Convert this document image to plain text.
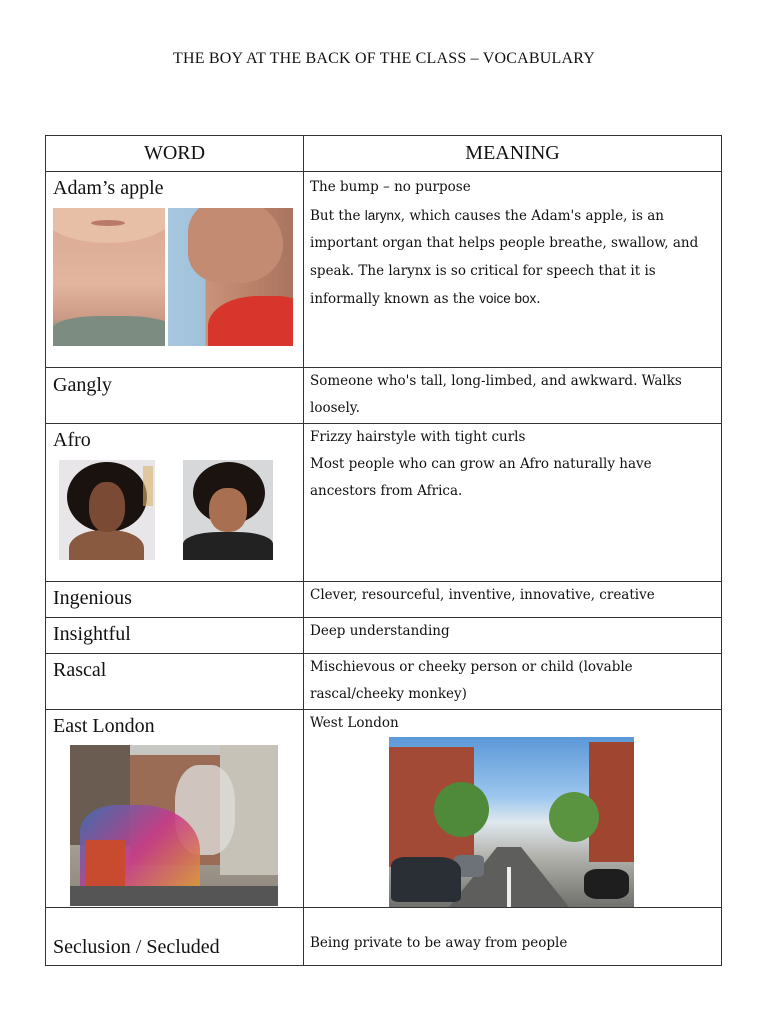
THE BOY AT THE BACK OF THE CLASS – VOCABULARY
WORD	MEANING

Adam’s apple	The bump – no purpose
But the larynx, which causes the Adam's apple, is an important organ that helps people breathe, swallow, and speak. The larynx is so critical for speech that it is informally known as the voice box.

Gangly	Someone who's tall, long-limbed, and awkward. Walks loosely.

Afro	Frizzy hairstyle with tight curls
Most people who can grow an Afro naturally have ancestors from Africa.

Ingenious	Clever, resourceful, inventive, innovative, creative

Insightful	Deep understanding

Rascal	Mischievous or cheeky person or child (lovable rascal/cheeky monkey)

East London	West London

Seclusion / Secluded	Being private to be away from people
